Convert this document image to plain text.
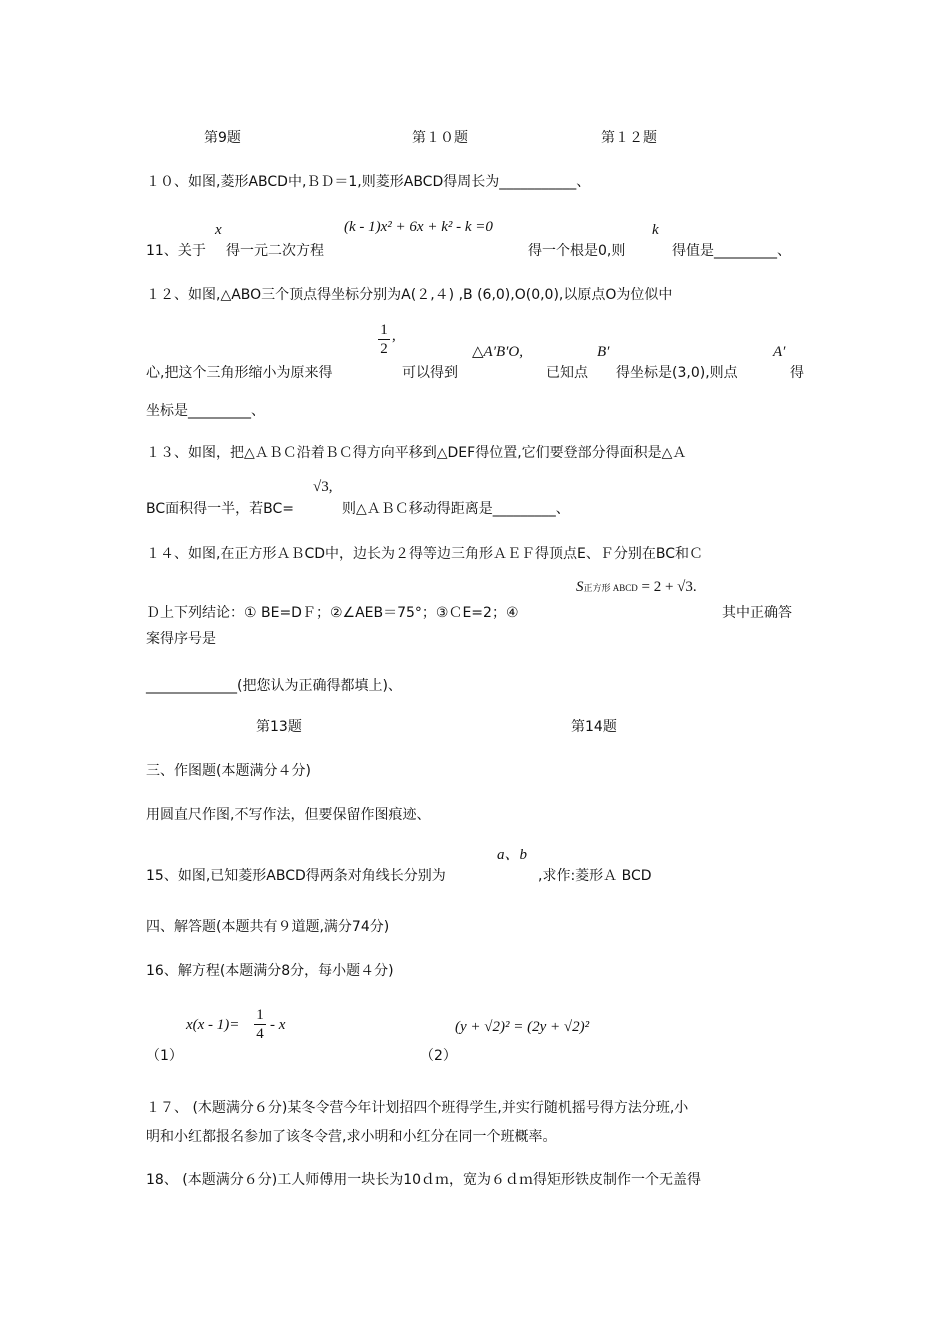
第9题	第１０题	第１２题
１０、如图,菱形ABCD中,ＢＤ＝1,则菱形ABCD得周长为___________、
x	(k - 1)x² + 6x + k² - k =0	k
11、关于 得一元二次方程	得一个根是0,则	得值是_________、
１２、如图,△ABO三个顶点得坐标分别为A(２,４) ,B (6,0),O(0,0),以原点O为位似中
1
2
,
△A′B′O,	B′	A′
心,把这个三角形缩小为原来得	可以得到	已知点 得坐标是(3,0),则点	得
坐标是_________、
１３、如图，把△ＡＢＣ沿着ＢＣ得方向平移到△DEF得位置,它们要登部分得面积是△Ａ
√3,
BC面积得一半，若BC=	则△ＡＢＣ移动得距离是_________、
１４、如图,在正方形ＡＢCD中，边长为２得等边三角形ＡＥＦ得顶点E、Ｆ分别在BC和Ｃ
S正方形 ABCD = 2 + √3.
Ｄ上下列结论：① BE=DＦ；②∠AEB＝75°；③ＣE=2；④	其中正确答
案得序号是
_____________(把您认为正确得都填上)、
第13题	第14题
三、作图题(本题满分４分)
用圆直尺作图,不写作法，但要保留作图痕迹、
a、b
15、如图,已知菱形ABCD得两条对角线长分别为	,求作:菱形Ａ BCD
四、解答题(本题共有９道题,满分74分)
16、解方程(本题满分8分，每小题４分)
x(x - 1)=
1
4
- x	(y + √2)² = (2y + √2)²
（1）	（2）
１７、 (木题满分６分)某冬令营今年计划招四个班得学生,并实行随机摇号得方法分班,小
明和小红都报名参加了该冬令营,求小明和小红分在同一个班概率。
18、 (本题满分６分)工人师傅用一块长为10ｄｍ，宽为６ｄｍ得矩形铁皮制作一个无盖得
